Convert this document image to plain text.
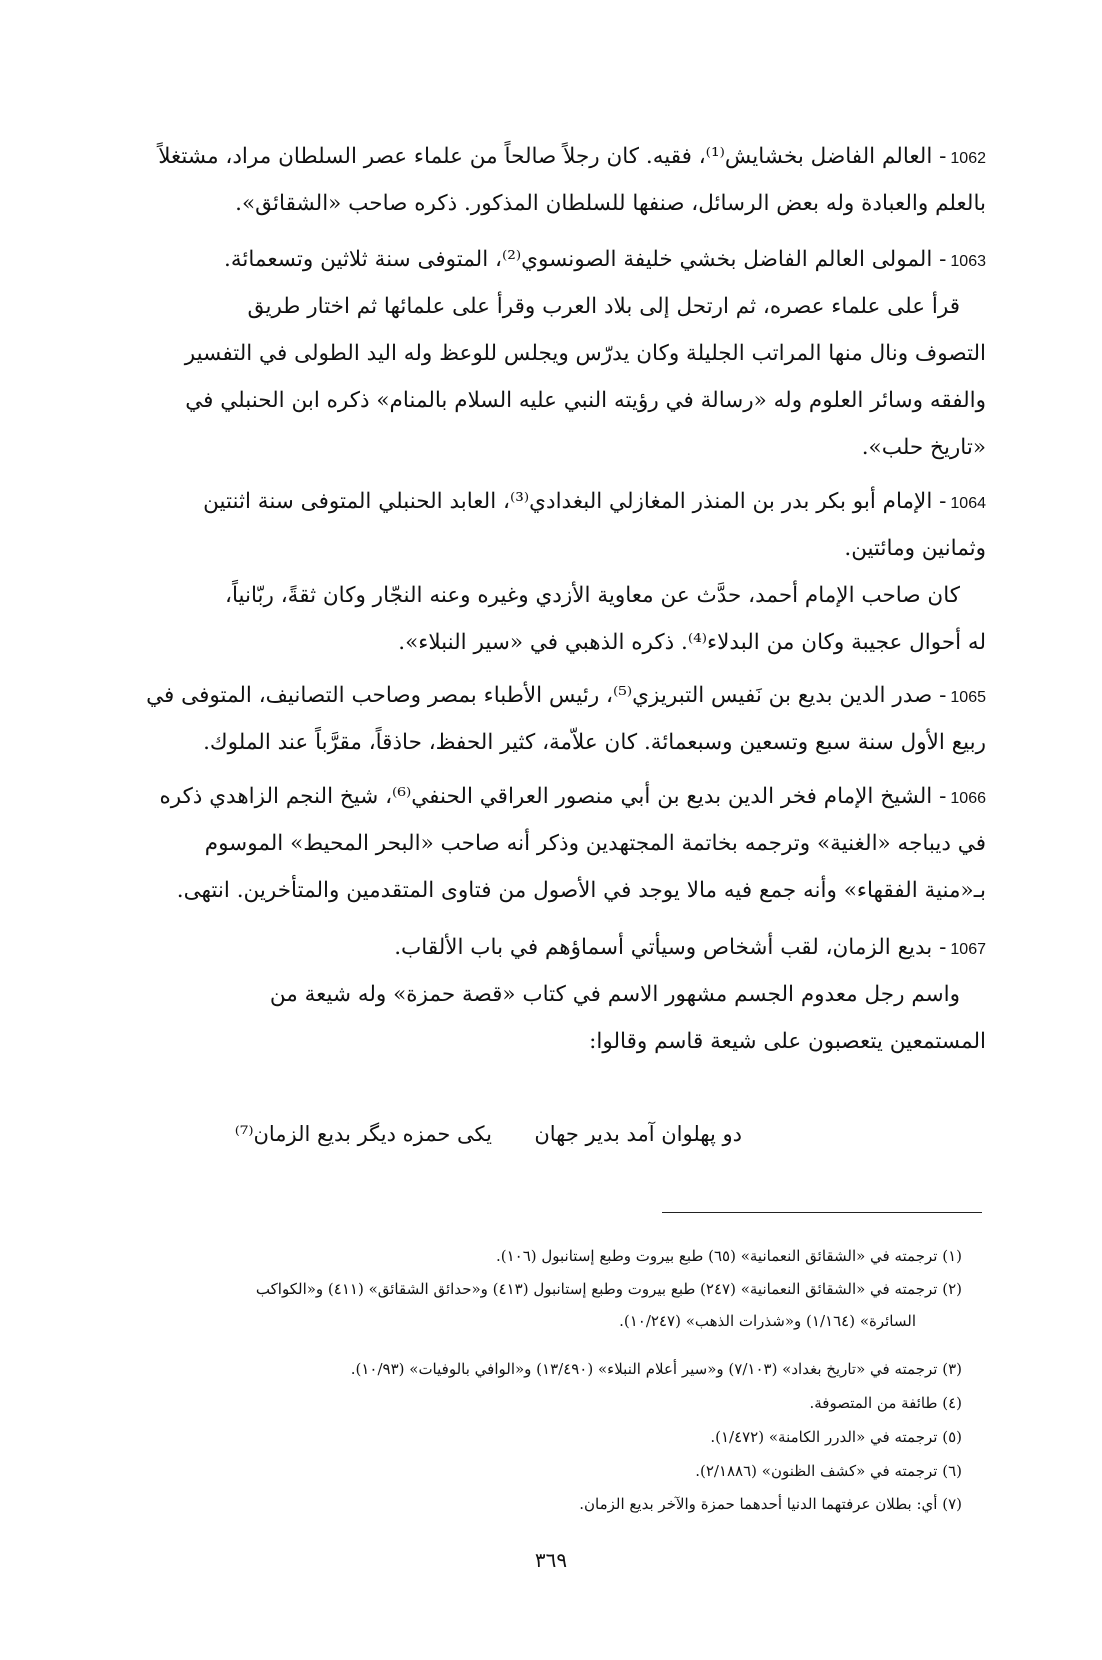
1062- العالم الفاضل بخشايش⁽¹⁾، فقيه. كان رجلاً صالحاً من علماء عصر السلطان مراد، مشتغلاً
بالعلم والعبادة وله بعض الرسائل، صنفها للسلطان المذكور. ذكره صاحب «الشقائق».
1063- المولى العالم الفاضل بخشي خليفة الصونسوي⁽²⁾، المتوفى سنة ثلاثين وتسعمائة.
قرأ على علماء عصره، ثم ارتحل إلى بلاد العرب وقرأ على علمائها ثم اختار طريق
التصوف ونال منها المراتب الجليلة وكان يدرّس ويجلس للوعظ وله اليد الطولى في التفسير
والفقه وسائر العلوم وله «رسالة في رؤيته النبي عليه السلام بالمنام» ذكره ابن الحنبلي في
«تاريخ حلب».
1064- الإمام أبو بكر بدر بن المنذر المغازلي البغدادي⁽³⁾، العابد الحنبلي المتوفى سنة اثنتين
وثمانين ومائتين.
كان صاحب الإمام أحمد، حدَّث عن معاوية الأزدي وغيره وعنه النجّار وكان ثقةً، ربّانياً،
له أحوال عجيبة وكان من البدلاء⁽⁴⁾. ذكره الذهبي في «سير النبلاء».
1065- صدر الدين بديع بن نَفيس التبريزي⁽⁵⁾، رئيس الأطباء بمصر وصاحب التصانيف، المتوفى في
ربيع الأول سنة سبع وتسعين وسبعمائة. كان علاّمة، كثير الحفظ، حاذقاً، مقرَّباً عند الملوك.
1066- الشيخ الإمام فخر الدين بديع بن أبي منصور العراقي الحنفي⁽⁶⁾، شيخ النجم الزاهدي ذكره
في ديباجه «الغنية» وترجمه بخاتمة المجتهدين وذكر أنه صاحب «البحر المحيط» الموسوم
بـ«منية الفقهاء» وأنه جمع فيه مالا يوجد في الأصول من فتاوى المتقدمين والمتأخرين. انتهى.
1067- بديع الزمان، لقب أشخاص وسيأتي أسماؤهم في باب الألقاب.
واسم رجل معدوم الجسم مشهور الاسم في كتاب «قصة حمزة» وله شيعة من
المستمعين يتعصبون على شيعة قاسم وقالوا:
دو پهلوان آمد بدير جهان
يكى حمزه ديگر بديع الزمان⁽⁷⁾
(١) ترجمته في «الشقائق النعمانية» (٦٥) طبع بيروت وطبع إستانبول (١٠٦).
(٢) ترجمته في «الشقائق النعمانية» (٢٤٧) طبع بيروت وطبع إستانبول (٤١٣) و«حدائق الشقائق» (٤١١) و«الكواكب
السائرة» (١/١٦٤) و«شذرات الذهب» (١٠/٢٤٧).
(٣) ترجمته في «تاريخ بغداد» (٧/١٠٣) و«سير أعلام النبلاء» (١٣/٤٩٠) و«الوافي بالوفيات» (١٠/٩٣).
(٤) طائفة من المتصوفة.
(٥) ترجمته في «الدرر الكامنة» (١/٤٧٢).
(٦) ترجمته في «كشف الظنون» (٢/١٨٨٦).
(٧) أي: بطلان عرفتهما الدنيا أحدهما حمزة والآخر بديع الزمان.
٣٦٩
